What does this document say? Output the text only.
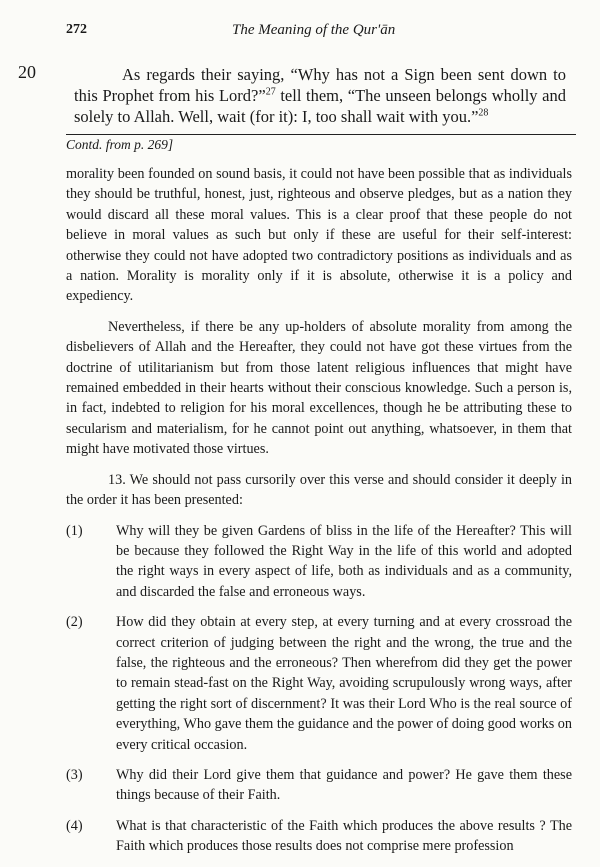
272	The Meaning of the Qur'ān
20	As regards their saying, “Why has not a Sign been sent down to this Prophet from his Lord?”$^{27}$ tell them, “The unseen belongs wholly and solely to Allah. Well, wait (for it): I, too shall wait with you.”$^{28}$
Contd. from p. 269]

morality been founded on sound basis, it could not have been possible that as individuals they should be truthful, honest, just, righteous and observe pledges, but as a nation they would discard all these moral values. This is a clear proof that these people do not believe in moral values as such but only if these are useful for their self-interest: otherwise they could not have adopted two contradictory positions as individuals and as a nation. Morality is morality only if it is absolute, otherwise it is a policy and expediency.

Nevertheless, if there be any up-holders of absolute morality from among the disbelievers of Allah and the Hereafter, they could not have got these virtues from the doctrine of utilitarianism but from those latent religious influences that might have remained embedded in their hearts without their conscious knowledge. Such a person is, in fact, indebted to religion for his moral excellences, though he be attributing these to secularism and materialism, for he cannot point out anything, whatsoever, in them that might have motivated those virtues.

13. We should not pass cursorily over this verse and should consider it deeply in the order it has been presented:

(1)	Why will they be given Gardens of bliss in the life of the Hereafter? This will be because they followed the Right Way in the life of this world and adopted the right ways in every aspect of life, both as individuals and as a community, and discarded the false and erroneous ways.
(2)	How did they obtain at every step, at every turning and at every crossroad the correct criterion of judging between the right and the wrong, the true and the false, the righteous and the erroneous? Then wherefrom did they get the power to remain stead-fast on the Right Way, avoiding scrupulously wrong ways, after getting the right sort of discernment? It was their Lord Who is the real source of everything, Who gave them the guidance and the power of doing good works on every critical occasion.
(3)	Why did their Lord give them that guidance and power? He gave them these things because of their Faith.
(4)	What is that characteristic of the Faith which produces the above results ? The Faith which produces those results does not comprise mere profession
